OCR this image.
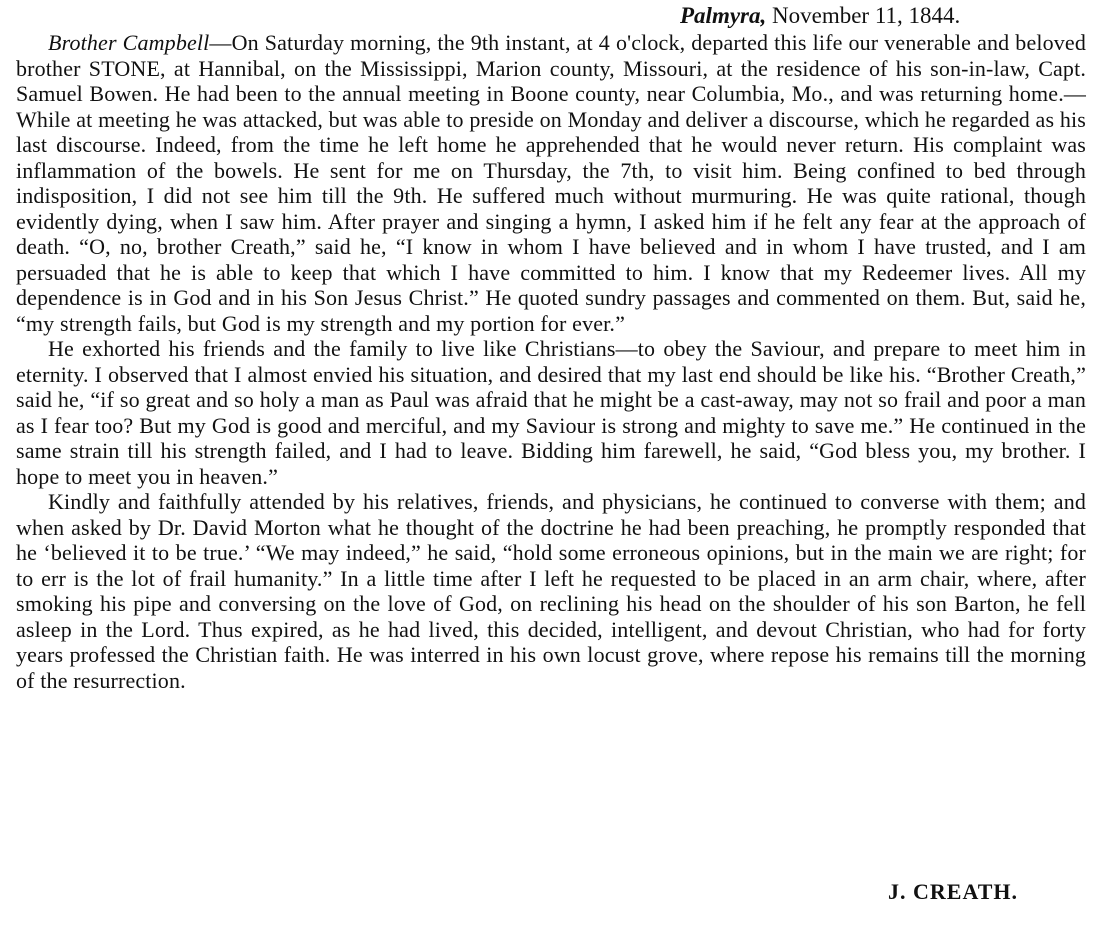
Palmyra, November 11, 1844.

Brother Campbell—On Saturday morning, the 9th instant, at 4 o'clock, departed this life our venerable and beloved brother STONE, at Hannibal, on the Mississippi, Marion county, Missouri, at the residence of his son-in-law, Capt. Samuel Bowen. He had been to the annual meeting in Boone county, near Columbia, Mo., and was returning home.—While at meeting he was attacked, but was able to preside on Monday and deliver a discourse, which he regarded as his last discourse. Indeed, from the time he left home he apprehended that he would never return. His complaint was inflammation of the bowels. He sent for me on Thursday, the 7th, to visit him. Being confined to bed through indisposition, I did not see him till the 9th. He suffered much without murmuring. He was quite rational, though evidently dying, when I saw him. After prayer and singing a hymn, I asked him if he felt any fear at the approach of death. “O, no, brother Creath,” said he, “I know in whom I have believed and in whom I have trusted, and I am persuaded that he is able to keep that which I have committed to him. I know that my Redeemer lives. All my dependence is in God and in his Son Jesus Christ.” He quoted sundry passages and commented on them. But, said he, “my strength fails, but God is my strength and my portion for ever.”

He exhorted his friends and the family to live like Christians—to obey the Saviour, and prepare to meet him in eternity. I observed that I almost envied his situation, and desired that my last end should be like his. “Brother Creath,” said he, “if so great and so holy a man as Paul was afraid that he might be a cast-away, may not so frail and poor a man as I fear too? But my God is good and merciful, and my Saviour is strong and mighty to save me.” He continued in the same strain till his strength failed, and I had to leave. Bidding him farewell, he said, “God bless you, my brother. I hope to meet you in heaven.”

Kindly and faithfully attended by his relatives, friends, and physicians, he continued to converse with them; and when asked by Dr. David Morton what he thought of the doctrine he had been preaching, he promptly responded that he ‘believed it to be true.’ “We may indeed,” he said, “hold some erroneous opinions, but in the main we are right; for to err is the lot of frail humanity.” In a little time after I left he requested to be placed in an arm chair, where, after smoking his pipe and conversing on the love of God, on reclining his head on the shoulder of his son Barton, he fell asleep in the Lord. Thus expired, as he had lived, this decided, intelligent, and devout Christian, who had for forty years professed the Christian faith. He was interred in his own locust grove, where repose his remains till the morning of the resurrection.

J. CREATH.
